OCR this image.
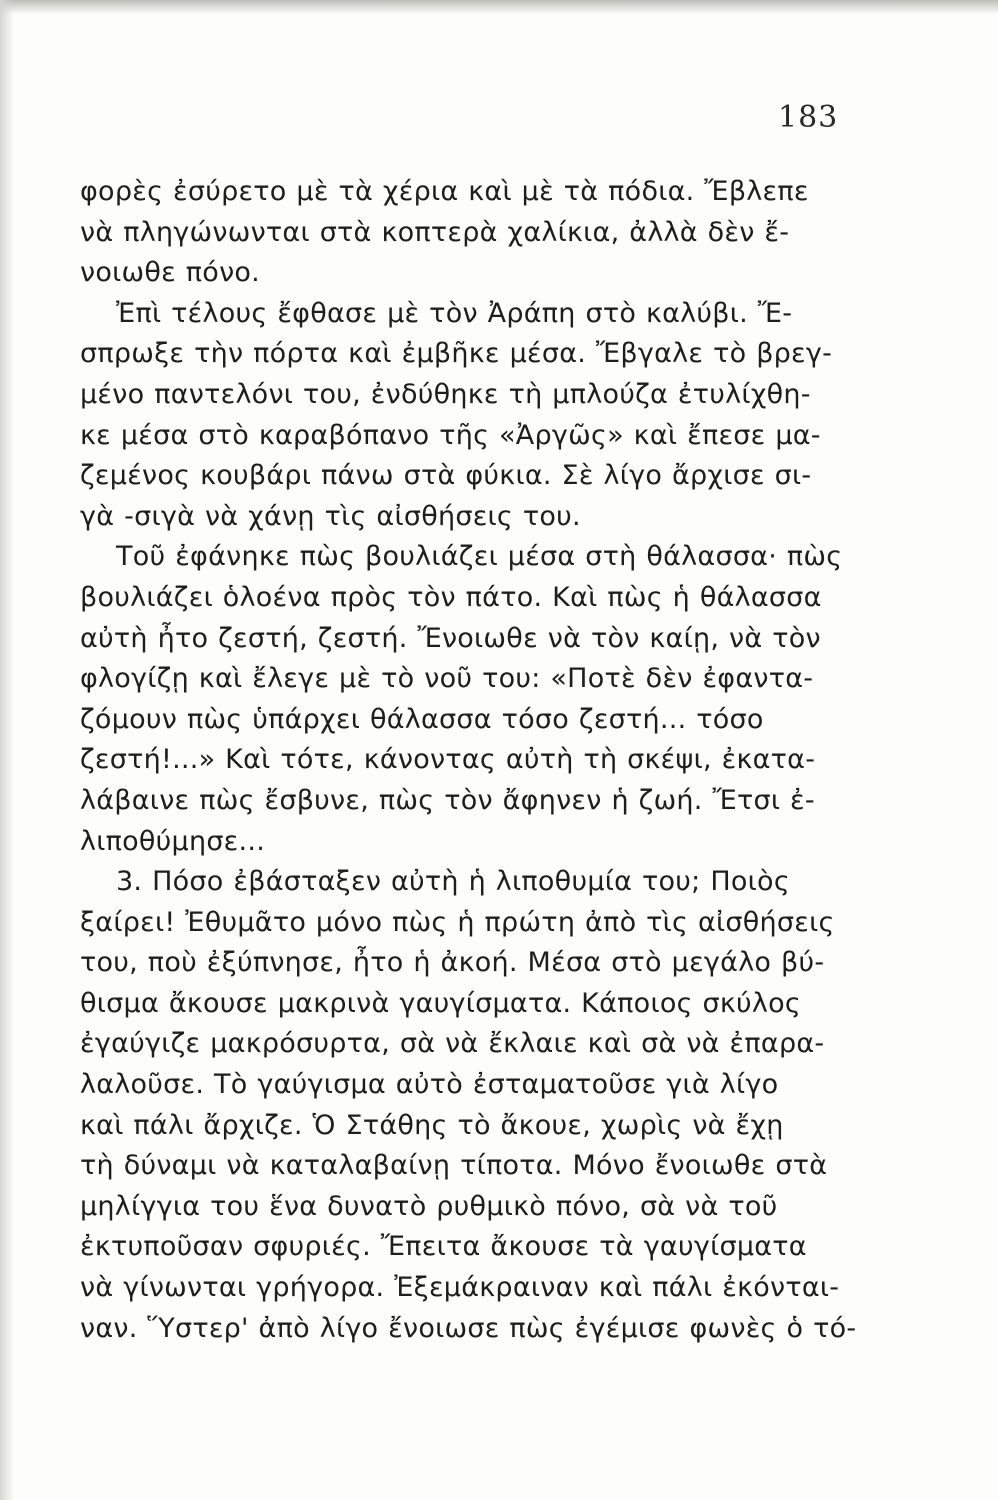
183
φορὲς ἐσύρετο μὲ τὰ χέρια καὶ μὲ τὰ πόδια. Ἔβλεπε
νὰ πληγώνωνται στὰ κοπτερὰ χαλίκια, ἀλλὰ δὲν ἔ-
νοιωθε πόνο.
Ἐπὶ τέλους ἔφθασε μὲ τὸν Ἀράπη στὸ καλύβι. Ἔ-
σπρωξε τὴν πόρτα καὶ ἐμβῆκε μέσα. Ἔβγαλε τὸ βρεγ-
μένο παντελόνι του, ἐνδύθηκε τὴ μπλούζα ἐτυλίχθη-
κε μέσα στὸ καραβόπανο τῆς «Ἀργῶς» καὶ ἔπεσε μα-
ζεμένος κουβάρι πάνω στὰ φύκια. Σὲ λίγο ἄρχισε σι-
γὰ -σιγὰ νὰ χάνῃ τὶς αἰσθήσεις του.
Τοῦ ἐφάνηκε πὼς βουλιάζει μέσα στὴ θάλασσα· πὼς
βουλιάζει ὁλοένα πρὸς τὸν πάτο. Καὶ πὼς ἡ θάλασσα
αὐτὴ ἦτο ζεστή, ζεστή. Ἔνοιωθε νὰ τὸν καίῃ, νὰ τὸν
φλογίζῃ καὶ ἔλεγε μὲ τὸ νοῦ του: «Ποτὲ δὲν ἐφαντα-
ζόμουν πὼς ὑπάρχει θάλασσα τόσο ζεστή... τόσο
ζεστή!...» Καὶ τότε, κάνοντας αὐτὴ τὴ σκέψι, ἐκατα-
λάβαινε πὼς ἔσβυνε, πὼς τὸν ἄφηνεν ἡ ζωή. Ἔτσι ἐ-
λιποθύμησε...
3. Πόσο ἐβάσταξεν αὐτὴ ἡ λιποθυμία του; Ποιὸς
ξαίρει! Ἐθυμᾶτο μόνο πὼς ἡ πρώτη ἀπὸ τὶς αἰσθήσεις
του, ποὺ ἐξύπνησε, ἦτο ἡ ἀκοή. Μέσα στὸ μεγάλο βύ-
θισμα ἄκουσε μακρινὰ γαυγίσματα. Κάποιος σκύλος
ἐγαύγιζε μακρόσυρτα, σὰ νὰ ἔκλαιε καὶ σὰ νὰ ἐπαρα-
λαλοῦσε. Τὸ γαύγισμα αὐτὸ ἐσταματοῦσε γιὰ λίγο
καὶ πάλι ἄρχιζε. Ὁ Στάθης τὸ ἄκουε, χωρὶς νὰ ἔχῃ
τὴ δύναμι νὰ καταλαβαίνῃ τίποτα. Μόνο ἔνοιωθε στὰ
μηλίγγια του ἕνα δυνατὸ ρυθμικὸ πόνο, σὰ νὰ τοῦ
ἐκτυποῦσαν σφυριές. Ἔπειτα ἄκουσε τὰ γαυγίσματα
νὰ γίνωνται γρήγορα. Ἐξεμάκραιναν καὶ πάλι ἐκόνται-
ναν. Ὕστερ' ἀπὸ λίγο ἔνοιωσε πὼς ἐγέμισε φωνὲς ὁ τό-
